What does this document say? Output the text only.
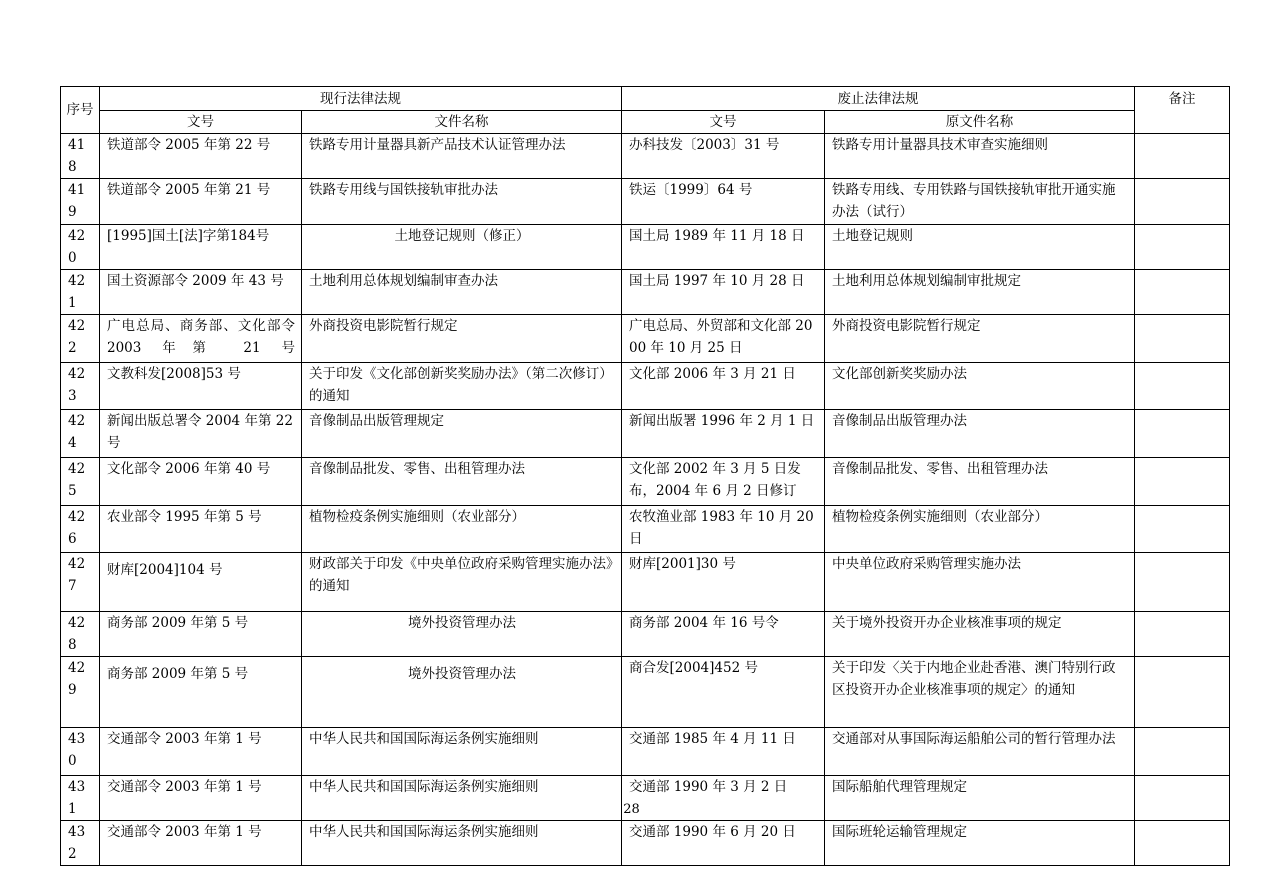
序号	现行法律法规		废止法律法规		备注
	文号	文件名称	文号	原文件名称	
418	铁道部令 2005 年第 22 号	铁路专用计量器具新产品技术认证管理办法	办科技发〔2003〕31 号	铁路专用计量器具技术审查实施细则	
419	铁道部令 2005 年第 21 号	铁路专用线与国铁接轨审批办法	铁运〔1999〕64 号	铁路专用线、专用铁路与国铁接轨审批开通实施办法（试行）	
420	[1995]国土[法]字第184号	土地登记规则（修正）	国土局 1989 年 11 月 18 日	土地登记规则	
421	国土资源部令 2009 年 43 号	土地利用总体规划编制审查办法	国土局 1997 年 10 月 28 日	土地利用总体规划编制审批规定	
422	广电总局、商务部、文化部令 2003 年第 21 号	外商投资电影院暂行规定	广电总局、外贸部和文化部 2000 年 10 月 25 日	外商投资电影院暂行规定	
423	文教科发[2008]53 号	关于印发《文化部创新奖奖励办法》（第二次修订）的通知	文化部 2006 年 3 月 21 日	文化部创新奖奖励办法	
424	新闻出版总署令 2004 年第 22 号	音像制品出版管理规定	新闻出版署 1996 年 2 月 1 日	音像制品出版管理办法	
425	文化部令 2006 年第 40 号	音像制品批发、零售、出租管理办法	文化部 2002 年 3 月 5 日发布，2004 年 6 月 2 日修订	音像制品批发、零售、出租管理办法	
426	农业部令 1995 年第 5 号	植物检疫条例实施细则（农业部分）	农牧渔业部 1983 年 10 月 20 日	植物检疫条例实施细则（农业部分）	
427	财库[2004]104 号	财政部关于印发《中央单位政府采购管理实施办法》的通知	财库[2001]30 号	中央单位政府采购管理实施办法	
428	商务部 2009 年第 5 号	境外投资管理办法	商务部 2004 年 16 号令	关于境外投资开办企业核准事项的规定	
429	商务部 2009 年第 5 号	境外投资管理办法	商合发[2004]452 号	关于印发〈关于内地企业赴香港、澳门特别行政区投资开办企业核准事项的规定〉的通知	
430	交通部令 2003 年第 1 号	中华人民共和国国际海运条例实施细则	交通部 1985 年 4 月 11 日	交通部对从事国际海运船舶公司的暂行管理办法	
431	交通部令 2003 年第 1 号	中华人民共和国国际海运条例实施细则	交通部 1990 年 3 月 2 日	国际船舶代理管理规定	
432	交通部令 2003 年第 1 号	中华人民共和国国际海运条例实施细则	交通部 1990 年 6 月 20 日	国际班轮运输管理规定	
28
